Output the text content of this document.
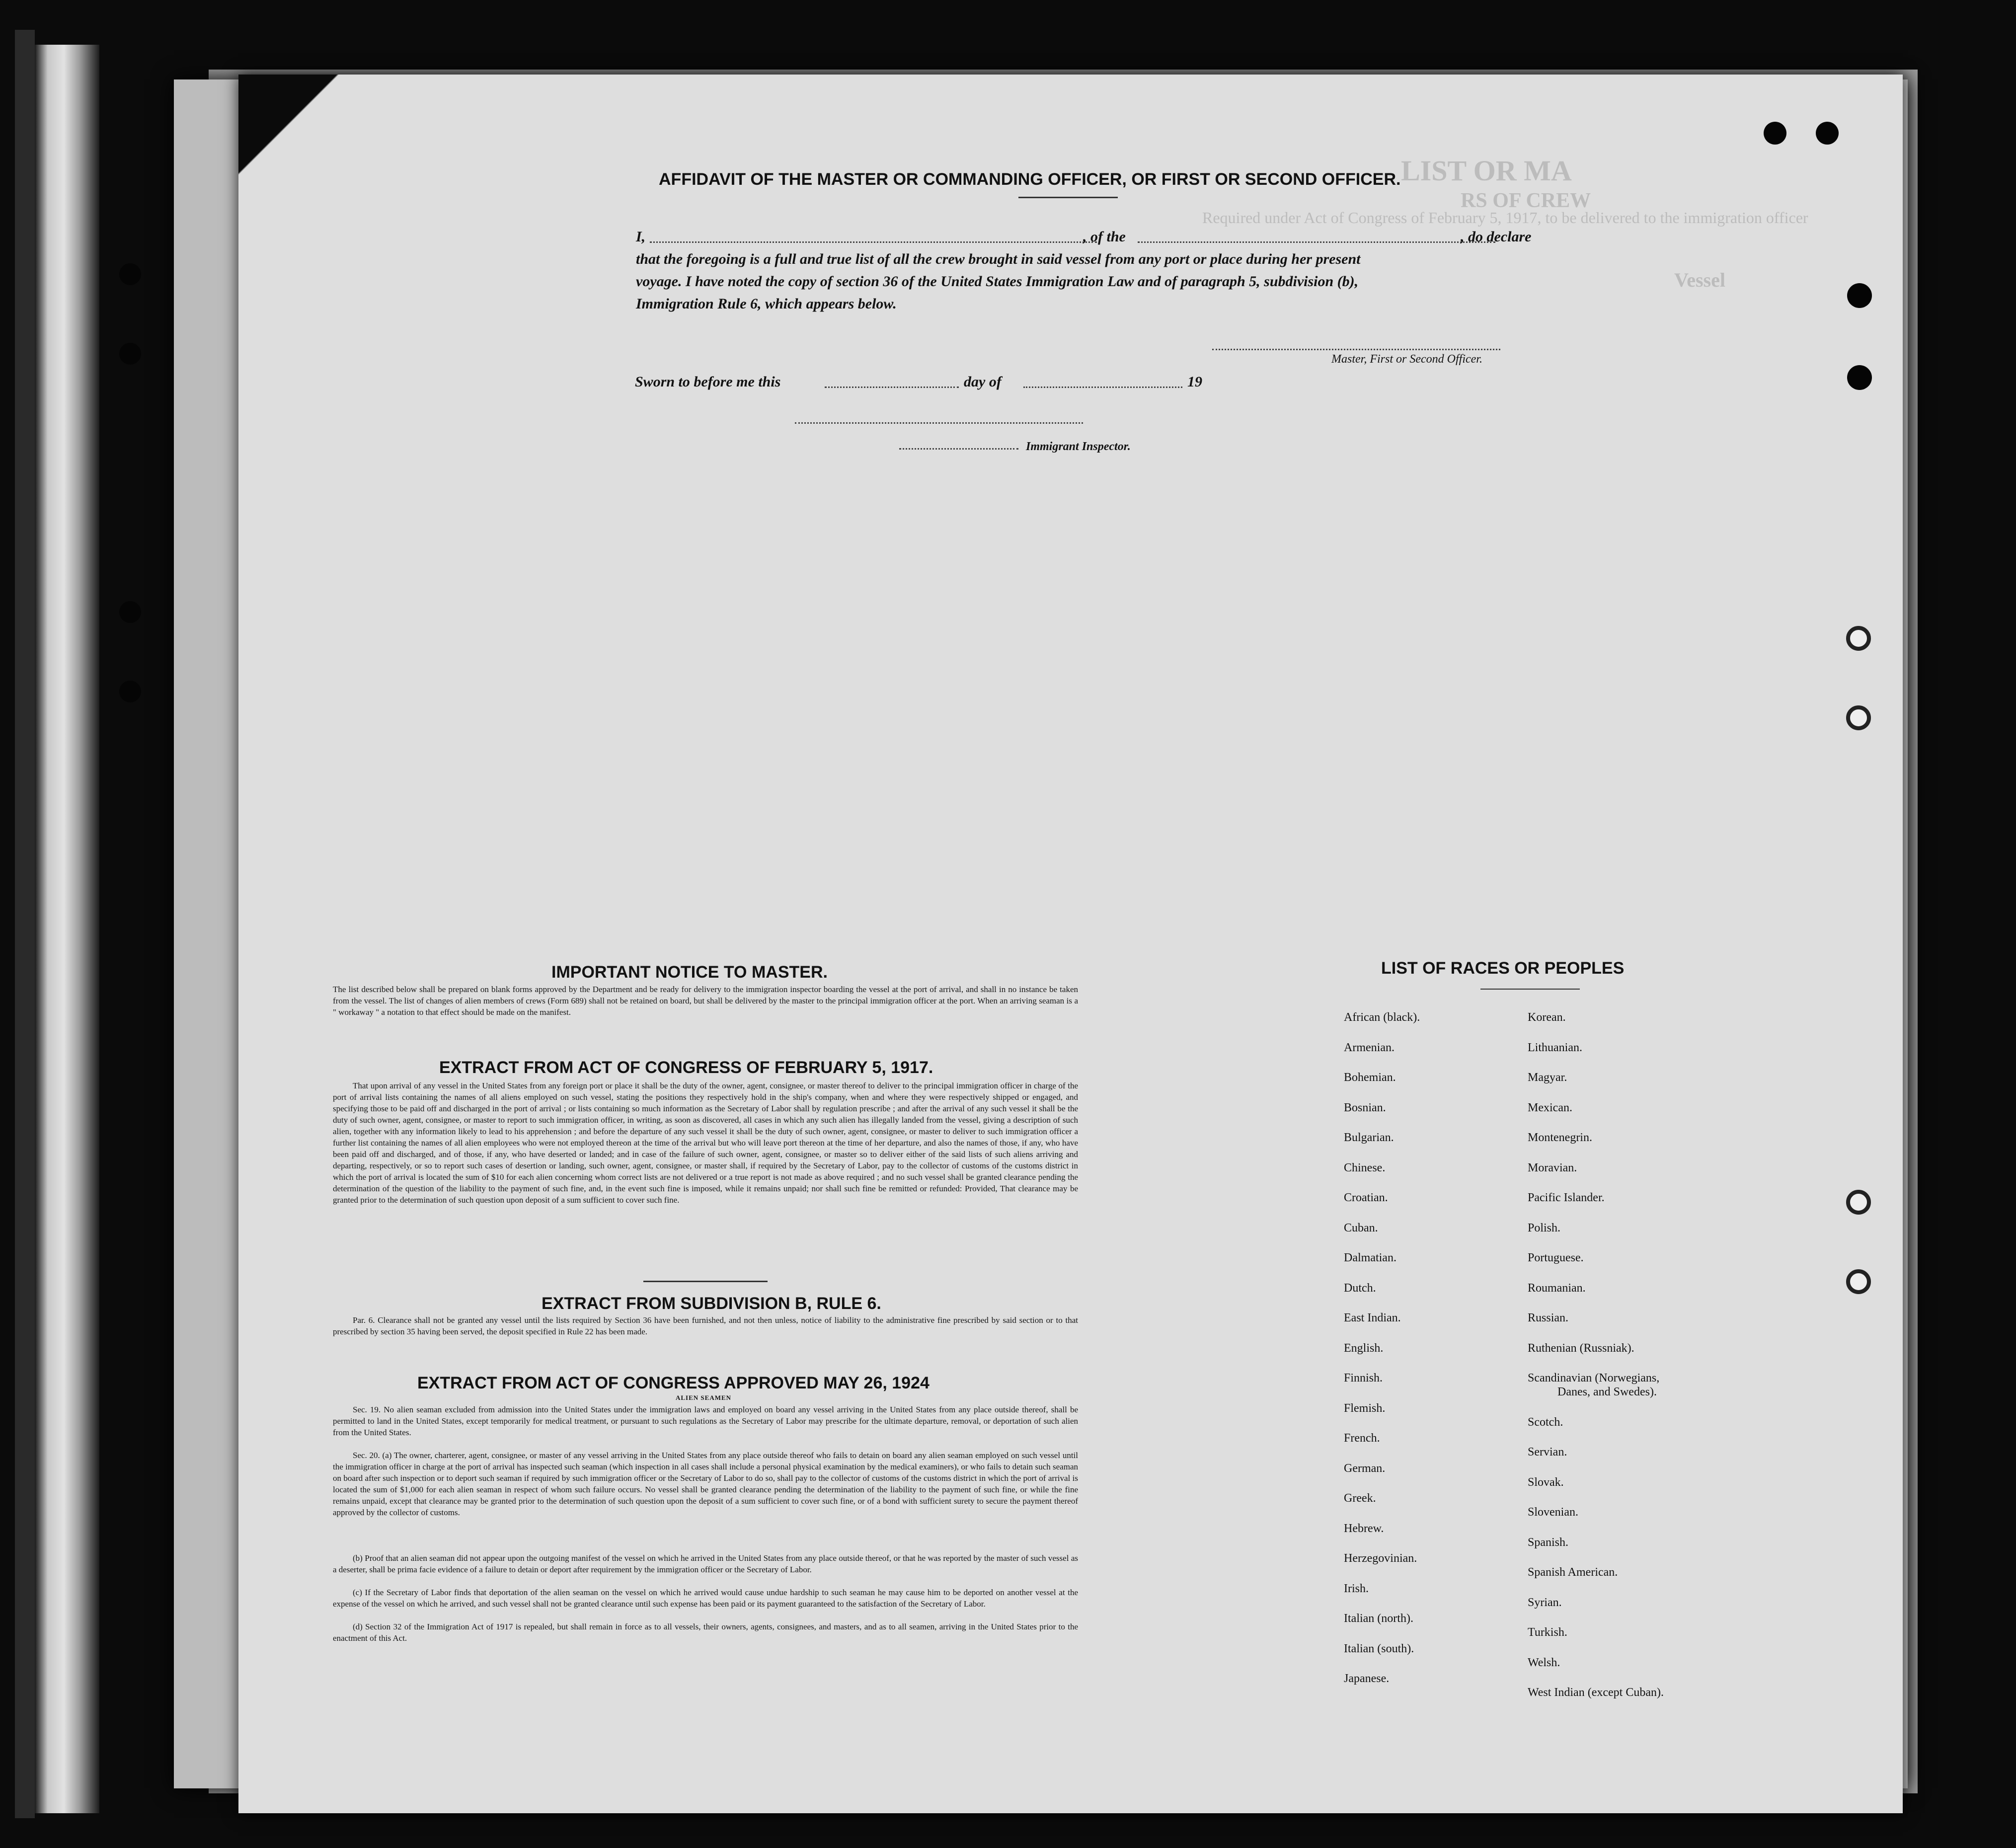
LIST OR MA
RS OF CREW
Required under Act of Congress of February 5, 1917, to be delivered to the immigration officer
Vessel
AFFIDAVIT OF THE MASTER OR COMMANDING OFFICER, OR FIRST OR SECOND OFFICER.
I,	, of the	, do declare
that the foregoing is a full and true list of all the crew brought in said vessel from any port or place during her present
voyage. I have noted the copy of section 36 of the United States Immigration Law and of paragraph 5, subdivision (b),
Immigration Rule 6, which appears below.
Master, First or Second Officer.
Sworn to before me this	day of	19
Immigrant Inspector.
IMPORTANT NOTICE TO MASTER.
The list described below shall be prepared on blank forms approved by the Department and be ready for delivery to the immigration inspector boarding the vessel at the port of arrival, and shall in no instance be taken from the vessel. The list of changes of alien members of crews (Form 689) shall not be retained on board, but shall be delivered by the master to the principal immigration officer at the port. When an arriving seaman is a " workaway " a notation to that effect should be made on the manifest.
EXTRACT FROM ACT OF CONGRESS OF FEBRUARY 5, 1917.
That upon arrival of any vessel in the United States from any foreign port or place it shall be the duty of the owner, agent, consignee, or master thereof to deliver to the principal immigration officer in charge of the port of arrival lists containing the names of all aliens employed on such vessel, stating the positions they respectively hold in the ship's company, when and where they were respectively shipped or engaged, and specifying those to be paid off and discharged in the port of arrival ; or lists containing so much information as the Secretary of Labor shall by regulation prescribe ; and after the arrival of any such vessel it shall be the duty of such owner, agent, consignee, or master to report to such immigration officer, in writing, as soon as discovered, all cases in which any such alien has illegally landed from the vessel, giving a description of such alien, together with any information likely to lead to his apprehension ; and before the departure of any such vessel it shall be the duty of such owner, agent, consignee, or master to deliver to such immigration officer a further list containing the names of all alien employees who were not employed thereon at the time of the arrival but who will leave port thereon at the time of her departure, and also the names of those, if any, who have been paid off and discharged, and of those, if any, who have deserted or landed; and in case of the failure of such owner, agent, consignee, or master so to deliver either of the said lists of such aliens arriving and departing, respectively, or so to report such cases of desertion or landing, such owner, agent, consignee, or master shall, if required by the Secretary of Labor, pay to the collector of customs of the customs district in which the port of arrival is located the sum of $10 for each alien concerning whom correct lists are not delivered or a true report is not made as above required ; and no such vessel shall be granted clearance pending the determination of the question of the liability to the payment of such fine, and, in the event such fine is imposed, while it remains unpaid; nor shall such fine be remitted or refunded: Provided, That clearance may be granted prior to the determination of such question upon deposit of a sum sufficient to cover such fine.
EXTRACT FROM SUBDIVISION B, RULE 6.
Par. 6. Clearance shall not be granted any vessel until the lists required by Section 36 have been furnished, and not then unless, notice of liability to the administrative fine prescribed by said section or to that prescribed by section 35 having been served, the deposit specified in Rule 22 has been made.
EXTRACT FROM ACT OF CONGRESS APPROVED MAY 26, 1924
ALIEN SEAMEN
Sec. 19. No alien seaman excluded from admission into the United States under the immigration laws and employed on board any vessel arriving in the United States from any place outside thereof, shall be permitted to land in the United States, except temporarily for medical treatment, or pursuant to such regulations as the Secretary of Labor may prescribe for the ultimate departure, removal, or deportation of such alien from the United States.
Sec. 20. (a) The owner, charterer, agent, consignee, or master of any vessel arriving in the United States from any place outside thereof who fails to detain on board any alien seaman employed on such vessel until the immigration officer in charge at the port of arrival has inspected such seaman (which inspection in all cases shall include a personal physical examination by the medical examiners), or who fails to detain such seaman on board after such inspection or to deport such seaman if required by such immigration officer or the Secretary of Labor to do so, shall pay to the collector of customs of the customs district in which the port of arrival is located the sum of $1,000 for each alien seaman in respect of whom such failure occurs. No vessel shall be granted clearance pending the determination of the liability to the payment of such fine, or while the fine remains unpaid, except that clearance may be granted prior to the determination of such question upon the deposit of a sum sufficient to cover such fine, or of a bond with sufficient surety to secure the payment thereof approved by the collector of customs.
(b) Proof that an alien seaman did not appear upon the outgoing manifest of the vessel on which he arrived in the United States from any place outside thereof, or that he was reported by the master of such vessel as a deserter, shall be prima facie evidence of a failure to detain or deport after requirement by the immigration officer or the Secretary of Labor.
(c) If the Secretary of Labor finds that deportation of the alien seaman on the vessel on which he arrived would cause undue hardship to such seaman he may cause him to be deported on another vessel at the expense of the vessel on which he arrived, and such vessel shall not be granted clearance until such expense has been paid or its payment guaranteed to the satisfaction of the Secretary of Labor.
(d) Section 32 of the Immigration Act of 1917 is repealed, but shall remain in force as to all vessels, their owners, agents, consignees, and masters, and as to all seamen, arriving in the United States prior to the enactment of this Act.
LIST OF RACES OR PEOPLES
African (black).
Armenian.
Bohemian.
Bosnian.
Bulgarian.
Chinese.
Croatian.
Cuban.
Dalmatian.
Dutch.
East Indian.
English.
Finnish.
Flemish.
French.
German.
Greek.
Hebrew.
Herzegovinian.
Irish.
Italian (north).
Italian (south).
Japanese.
Korean.
Lithuanian.
Magyar.
Mexican.
Montenegrin.
Moravian.
Pacific Islander.
Polish.
Portuguese.
Roumanian.
Russian.
Ruthenian (Russniak).
Scandinavian (Norwegians,
Danes, and Swedes).
Scotch.
Servian.
Slovak.
Slovenian.
Spanish.
Spanish American.
Syrian.
Turkish.
Welsh.
West Indian (except Cuban).
